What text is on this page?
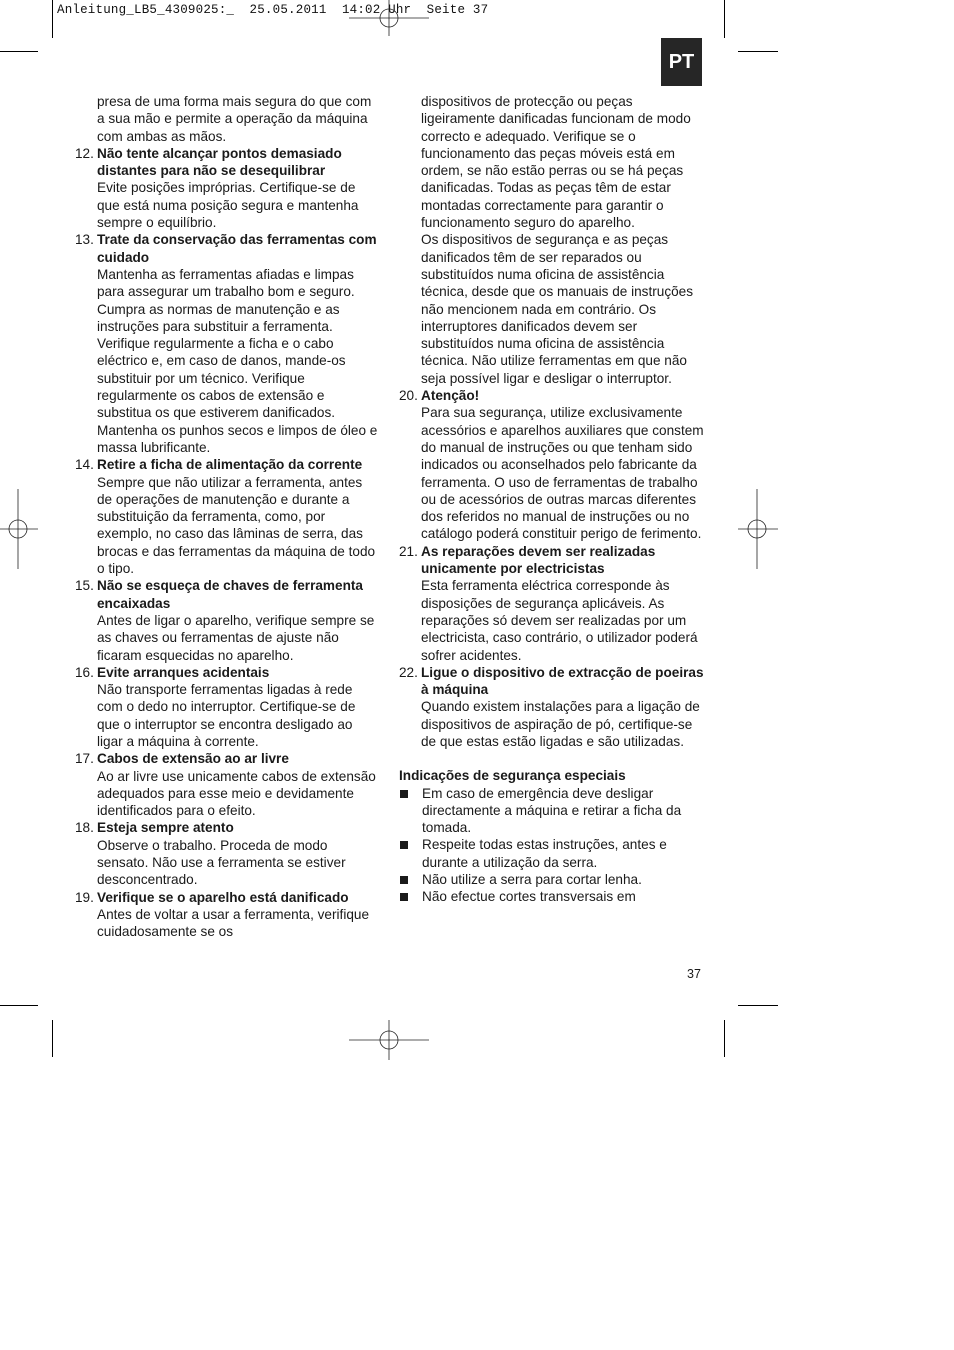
Anleitung_LB5_4309025:_  25.05.2011  14:02 Uhr  Seite 37
PT
presa de uma forma mais segura do que com a sua mão e permite a operação da máquina com ambas as mãos.
12. Não tente alcançar pontos demasiado distantes para não se desequilibrar
Evite posições impróprias. Certifique-se de que está numa posição segura e mantenha sempre o equilíbrio.
13. Trate da conservação das ferramentas com cuidado
Mantenha as ferramentas afiadas e limpas para assegurar um trabalho bom e seguro. Cumpra as normas de manutenção e as instruções para substituir a ferramenta. Verifique regularmente a ficha e o cabo eléctrico e, em caso de danos, mande-os substituir por um técnico. Verifique regularmente os cabos de extensão e substitua os que estiverem danificados. Mantenha os punhos secos e limpos de óleo e massa lubrificante.
14. Retire a ficha de alimentação da corrente
Sempre que não utilizar a ferramenta, antes de operações de manutenção e durante a substituição da ferramenta, como, por exemplo, no caso das lâminas de serra, das brocas e das ferramentas da máquina de todo o tipo.
15. Não se esqueça de chaves de ferramenta encaixadas
Antes de ligar o aparelho, verifique sempre se as chaves ou ferramentas de ajuste não ficaram esquecidas no aparelho.
16. Evite arranques acidentais
Não transporte ferramentas ligadas à rede com o dedo no interruptor. Certifique-se de que o interruptor se encontra desligado ao ligar a máquina à corrente.
17. Cabos de extensão ao ar livre
Ao ar livre use unicamente cabos de extensão adequados para esse meio e devidamente identificados para o efeito.
18. Esteja sempre atento
Observe o trabalho. Proceda de modo sensato. Não use a ferramenta se estiver desconcentrado.
19. Verifique se o aparelho está danificado
Antes de voltar a usar a ferramenta, verifique cuidadosamente se os
dispositivos de protecção ou peças ligeiramente danificadas funcionam de modo correcto e adequado. Verifique se o funcionamento das peças móveis está em ordem, se não estão perras ou se há peças danificadas. Todas as peças têm de estar montadas correctamente para garantir o funcionamento seguro do aparelho.
Os dispositivos de segurança e as peças danificados têm de ser reparados ou substituídos numa oficina de assistência técnica, desde que os manuais de instruções não mencionem nada em contrário. Os interruptores danificados devem ser substituídos numa oficina de assistência técnica. Não utilize ferramentas em que não seja possível ligar e desligar o interruptor.
20. Atenção!
Para sua segurança, utilize exclusivamente acessórios e aparelhos auxiliares que constem do manual de instruções ou que tenham sido indicados ou aconselhados pelo fabricante da ferramenta. O uso de ferramentas de trabalho ou de acessórios de outras marcas diferentes dos referidos no manual de instruções ou no catálogo poderá constituir perigo de ferimento.
21. As reparações devem ser realizadas unicamente por electricistas
Esta ferramenta eléctrica corresponde às disposições de segurança aplicáveis. As reparações só devem ser realizadas por um electricista, caso contrário, o utilizador poderá sofrer acidentes.
22. Ligue o dispositivo de extracção de poeiras à máquina
Quando existem instalações para a ligação de dispositivos de aspiração de pó, certifique-se de que estas estão ligadas e são utilizadas.
Indicações de segurança especiais
Em caso de emergência deve desligar directamente a máquina e retirar a ficha da tomada.
Respeite todas estas instruções, antes e durante a utilização da serra.
Não utilize a serra para cortar lenha.
Não efectue cortes transversais em
37
